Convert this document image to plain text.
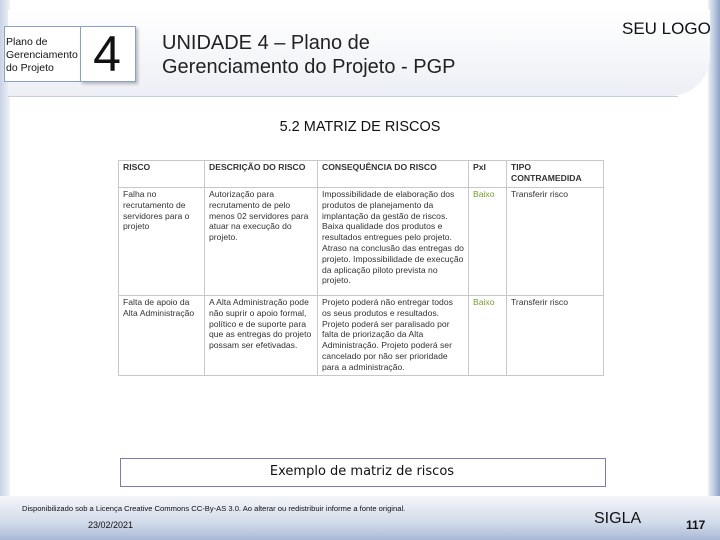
Plano de Gerenciamento do Projeto 4	UNIDADE 4 – Plano de
Gerenciamento do Projeto - PGP
SEU LOGO
5.2 MATRIZ DE RISCOS
RISCO	DESCRIÇÃO DO RISCO	CONSEQUÊNCIA DO RISCO	PxI	TIPO CONTRAMEDIDA
Falha no recrutamento de servidores para o projeto	Autorização para recrutamento de pelo menos 02 servidores para atuar na execução do projeto.	Impossibilidade de elaboração dos produtos de planejamento da implantação da gestão de riscos. Baixa qualidade dos produtos e resultados entregues pelo projeto. Atraso na conclusão das entregas do projeto. Impossibilidade de execução da aplicação piloto prevista no projeto.	Baixo	Transferir risco
Falta de apoio da Alta Administração	A Alta Administração pode não suprir o apoio formal, político e de suporte para que as entregas do projeto possam ser efetivadas.	Projeto poderá não entregar todos os seus produtos e resultados. Projeto poderá ser paralisado por falta de priorização da Alta Administração. Projeto poderá ser cancelado por não ser prioridade para a administração.	Baixo	Transferir risco
Exemplo de matriz de riscos
Disponibilizado sob a Licença Creative Commons CC-By-AS 3.0. Ao alterar ou redistribuir informe a fonte original.
23/02/2021	SIGLA	117
